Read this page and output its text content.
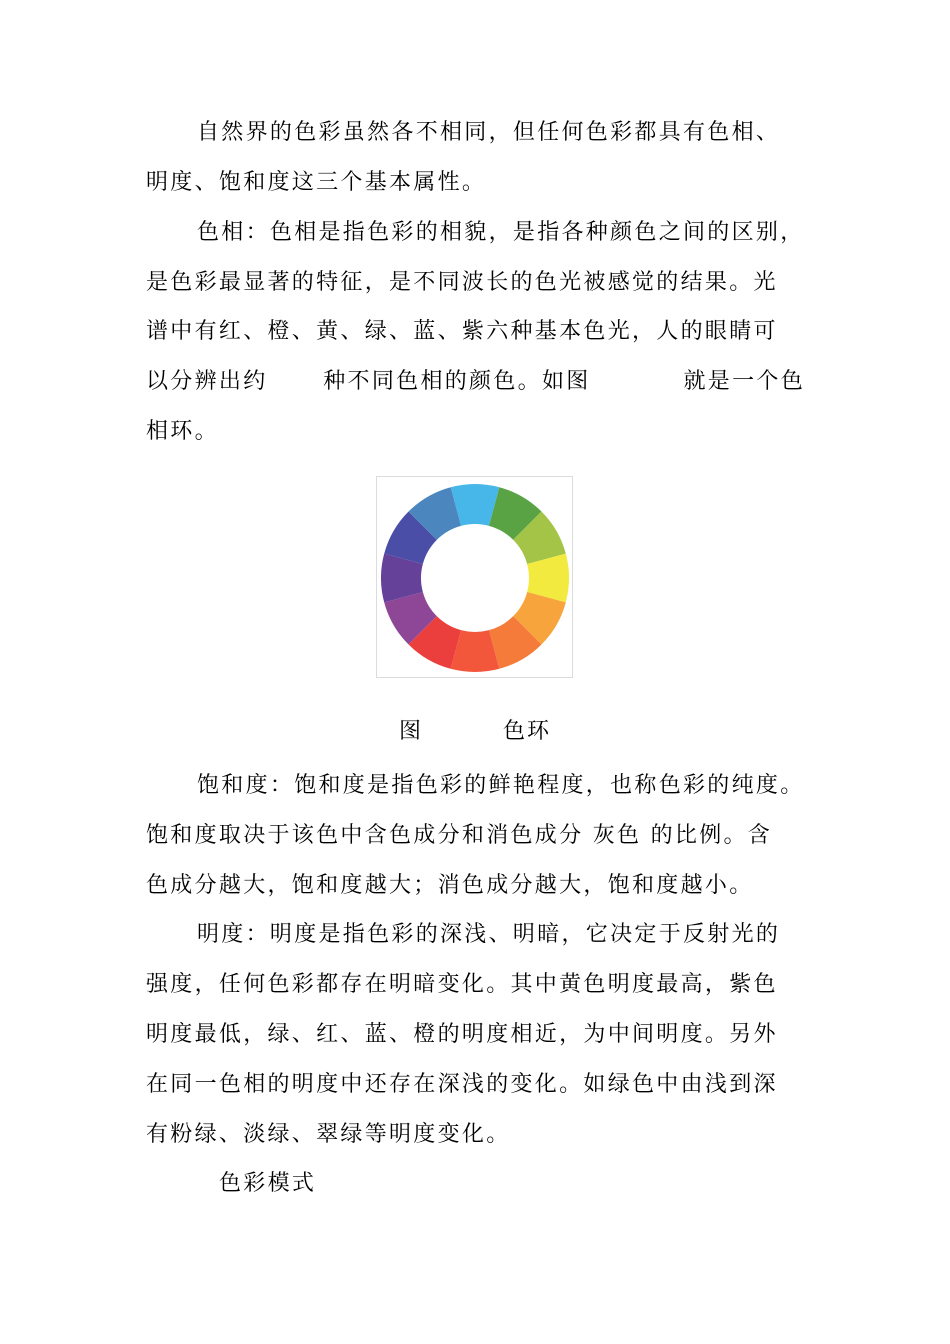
自然界的色彩虽然各不相同，但任何色彩都具有色相、
明度、饱和度这三个基本属性。
色相：色相是指色彩的相貌，是指各种颜色之间的区别，
是色彩最显著的特征，是不同波长的色光被感觉的结果。光
谱中有红、橙、黄、绿、蓝、紫六种基本色光，人的眼睛可
以分辨出约      种不同色相的颜色。如图          就是一个色
相环。
图	色环
饱和度：饱和度是指色彩的鲜艳程度，也称色彩的纯度。
饱和度取决于该色中含色成分和消色成分 灰色 的比例。含
色成分越大，饱和度越大；消色成分越大，饱和度越小。
明度：明度是指色彩的深浅、明暗，它决定于反射光的
强度，任何色彩都存在明暗变化。其中黄色明度最高，紫色
明度最低，绿、红、蓝、橙的明度相近，为中间明度。另外
在同一色相的明度中还存在深浅的变化。如绿色中由浅到深
有粉绿、淡绿、翠绿等明度变化。
色彩模式
